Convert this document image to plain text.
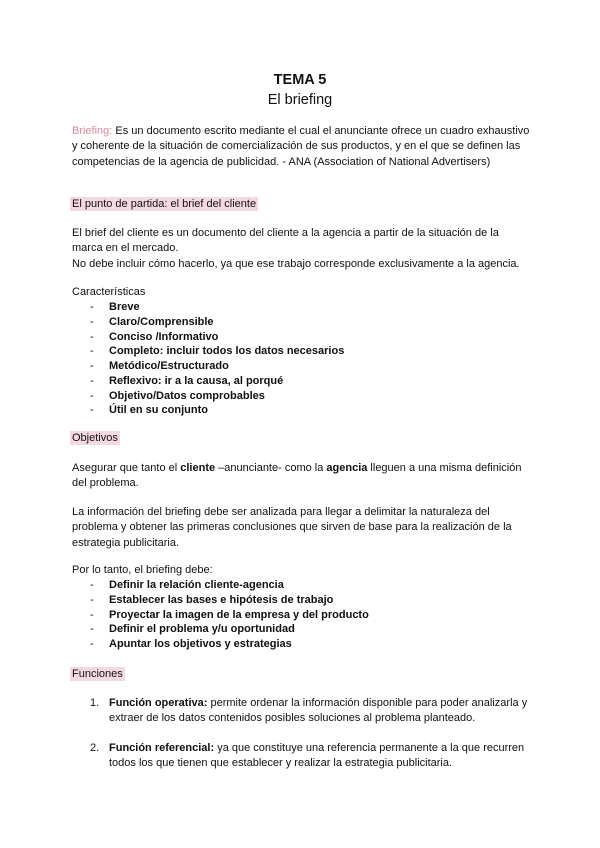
TEMA 5
El briefing
Briefing: Es un documento escrito mediante el cual el anunciante ofrece un cuadro exhaustivo y coherente de la situación de comercialización de sus productos, y en el que se definen las competencias de la agencia de publicidad. - ANA (Association of National Advertisers)
El punto de partida: el brief del cliente
El brief del cliente es un documento del cliente a la agencia a partir de la situación de la marca en el mercado.
No debe incluir cómo hacerlo, ya que ese trabajo corresponde exclusivamente a la agencia.
Características
- Breve
- Claro/Comprensible
- Conciso /Informativo
- Completo: incluir todos los datos necesarios
- Metódico/Estructurado
- Reflexivo: ir a la causa, al porqué
- Objetivo/Datos comprobables
- Útil en su conjunto
Objetivos
Asegurar que tanto el cliente –anunciante- como la agencia lleguen a una misma definición del problema.
La información del briefing debe ser analizada para llegar a delimitar la naturaleza del problema y obtener las primeras conclusiones que sirven de base para la realización de la estrategia publicitaria.
Por lo tanto, el briefing debe:
- Definir la relación cliente-agencia
- Establecer las bases e hipótesis de trabajo
- Proyectar la imagen de la empresa y del producto
- Definir el problema y/u oportunidad
- Apuntar los objetivos y estrategias
Funciones
1. Función operativa: permite ordenar la información disponible para poder analizarla y extraer de los datos contenidos posibles soluciones al problema planteado.
2. Función referencial: ya que constituye una referencia permanente a la que recurren todos los que tienen que establecer y realizar la estrategia publicitaria.
